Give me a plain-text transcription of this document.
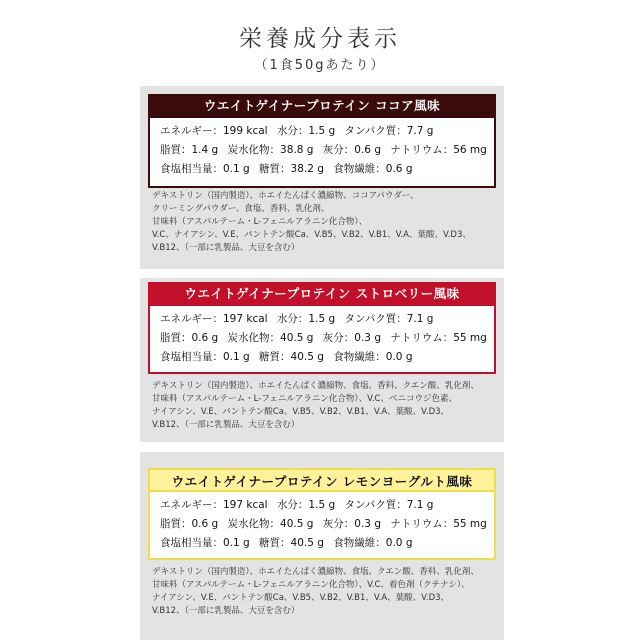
栄養成分表示
（1食50gあたり）
ウエイトゲイナープロテイン ココア風味
エネルギー：199 kcal 水分：1.5 g タンパク質：7.7 g
脂質：1.4 g 炭水化物：38.8 g 灰分：0.6 g ナトリウム：56 mg
食塩相当量：0.1 g 糖質：38.2 g 食物繊維：0.6 g
デキストリン（国内製造）、ホエイたんぱく濃縮物、ココアパウダー、
クリーミングパウダー、食塩、香料、乳化剤、
甘味料（アスパルテーム・L-フェニルアラニン化合物）、
V.C、ナイアシン、V.E、パントテン酸Ca、V.B5、V.B2、V.B1、V.A、葉酸、V.D3、
V.B12、（一部に乳製品、大豆を含む）
ウエイトゲイナープロテイン ストロベリー風味
エネルギー：197 kcal 水分：1.5 g タンパク質：7.1 g
脂質：0.6 g 炭水化物：40.5 g 灰分：0.3 g ナトリウム：55 mg
食塩相当量：0.1 g 糖質：40.5 g 食物繊維：0.0 g
デキストリン（国内製造）、ホエイたんぱく濃縮物、食塩、香料、クエン酸、乳化剤、
甘味料（アスパルテーム・L-フェニルアラニン化合物）、V.C、ベニコウジ色素、
ナイアシン、V.E、パントテン酸Ca、V.B5、V.B2、V.B1、V.A、葉酸、V.D3、
V.B12、（一部に乳製品、大豆を含む）
ウエイトゲイナープロテイン レモンヨーグルト風味
エネルギー：197 kcal 水分：1.5 g タンパク質：7.1 g
脂質：0.6 g 炭水化物：40.5 g 灰分：0.3 g ナトリウム：55 mg
食塩相当量：0.1 g 糖質：40.5 g 食物繊維：0.0 g
デキストリン（国内製造）、ホエイたんぱく濃縮物、食塩、クエン酸、香料、乳化剤、
甘味料（アスパルテーム・L-フェニルアラニン化合物）、V.C、着色剤（クチナシ）、
ナイアシン、V.E、パントテン酸Ca、V.B5、V.B2、V.B1、V.A、葉酸、V.D3、
V.B12、（一部に乳製品、大豆を含む）
